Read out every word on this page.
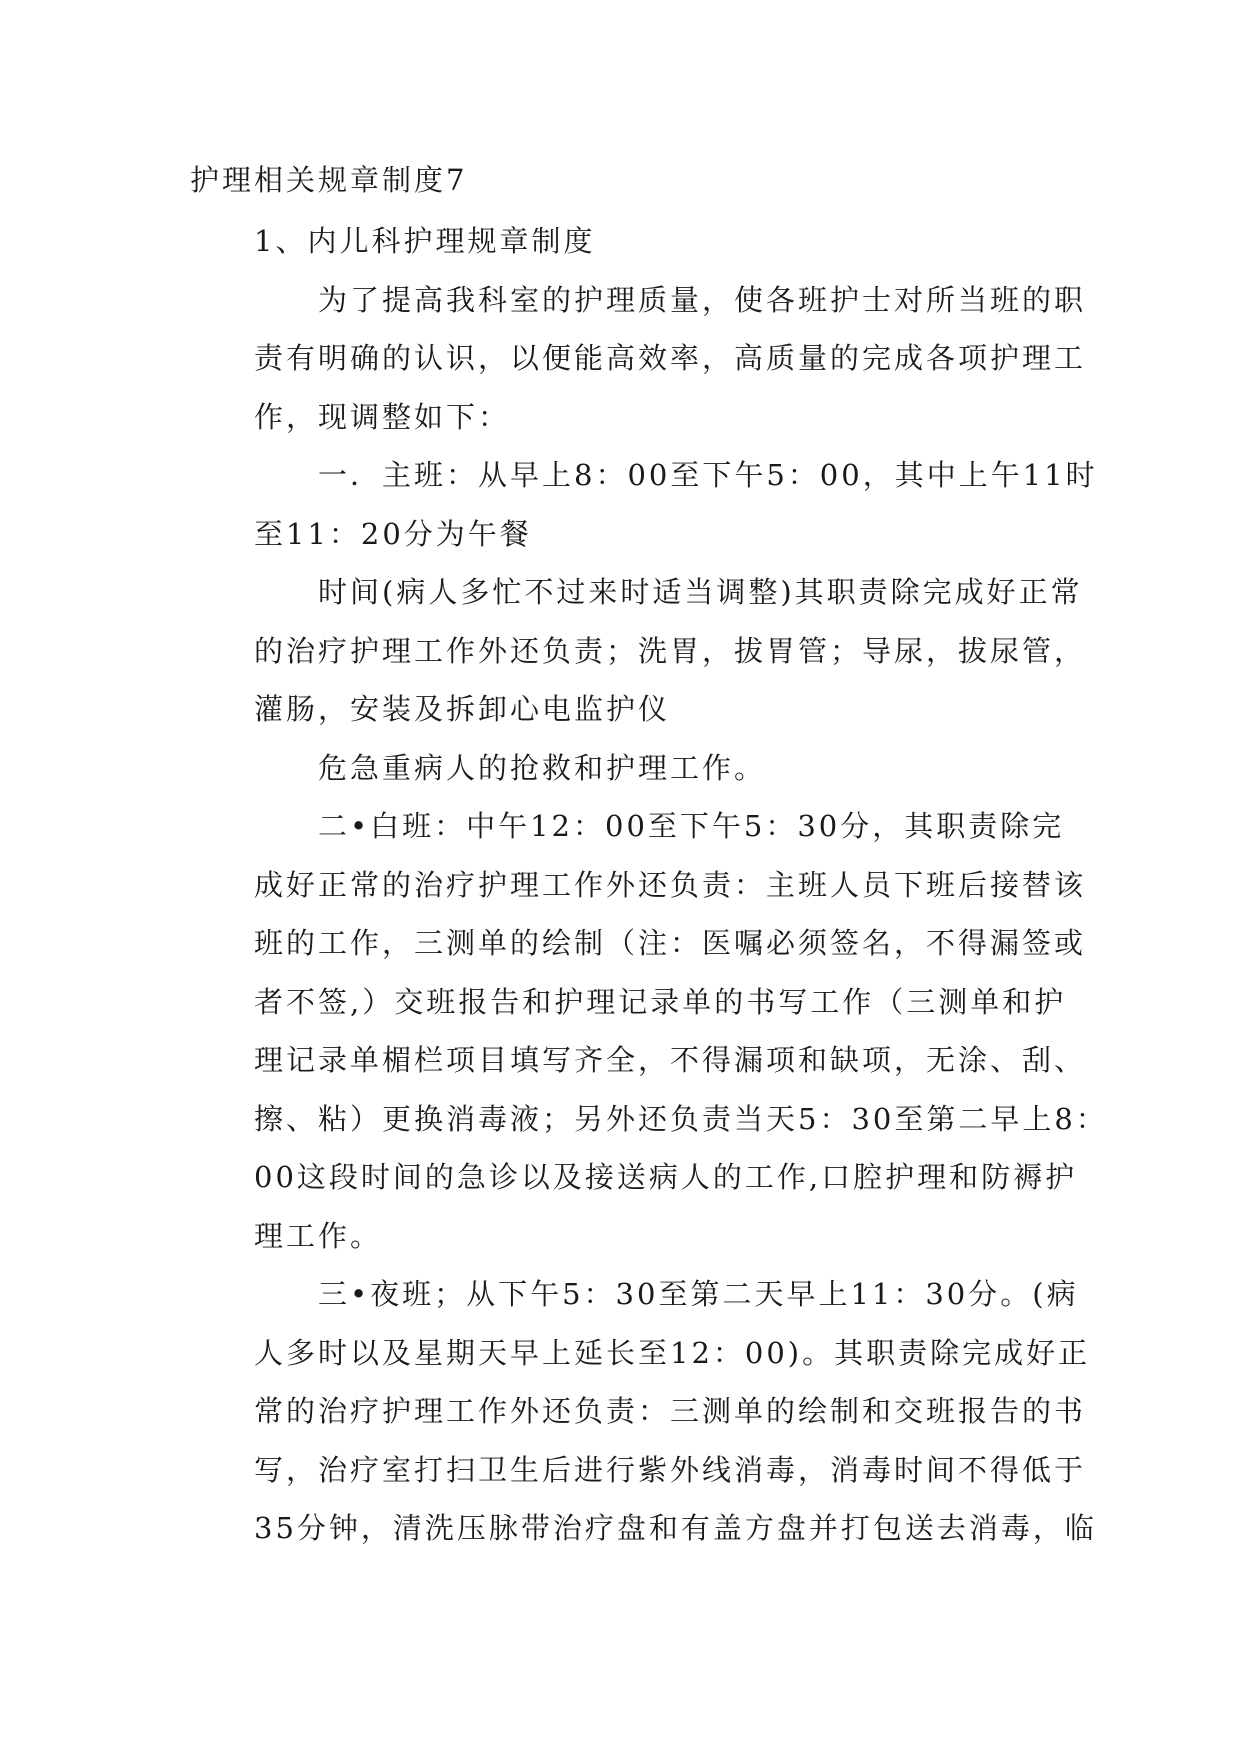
护理相关规章制度7
1、内儿科护理规章制度
为了提高我科室的护理质量，使各班护士对所当班的职
责有明确的认识，以便能高效率，高质量的完成各项护理工
作，现调整如下：
一．主班：从早上8：00至下午5：00，其中上午11时
至11：20分为午餐
时间(病人多忙不过来时适当调整)其职责除完成好正常
的治疗护理工作外还负责；洗胃，拔胃管；导尿，拔尿管，
灌肠，安装及拆卸心电监护仪
危急重病人的抢救和护理工作。
二•白班：中午12：00至下午5：30分，其职责除完
成好正常的治疗护理工作外还负责：主班人员下班后接替该
班的工作，三测单的绘制（注：医嘱必须签名，不得漏签或
者不签,）交班报告和护理记录单的书写工作（三测单和护
理记录单楣栏项目填写齐全，不得漏项和缺项，无涂、刮、
擦、粘）更换消毒液；另外还负责当天5：30至第二早上8：
00这段时间的急诊以及接送病人的工作,口腔护理和防褥护
理工作。
三•夜班；从下午5：30至第二天早上11：30分。(病
人多时以及星期天早上延长至12：00)。其职责除完成好正
常的治疗护理工作外还负责：三测单的绘制和交班报告的书
写，治疗室打扫卫生后进行紫外线消毒，消毒时间不得低于
35分钟，清洗压脉带治疗盘和有盖方盘并打包送去消毒，临
